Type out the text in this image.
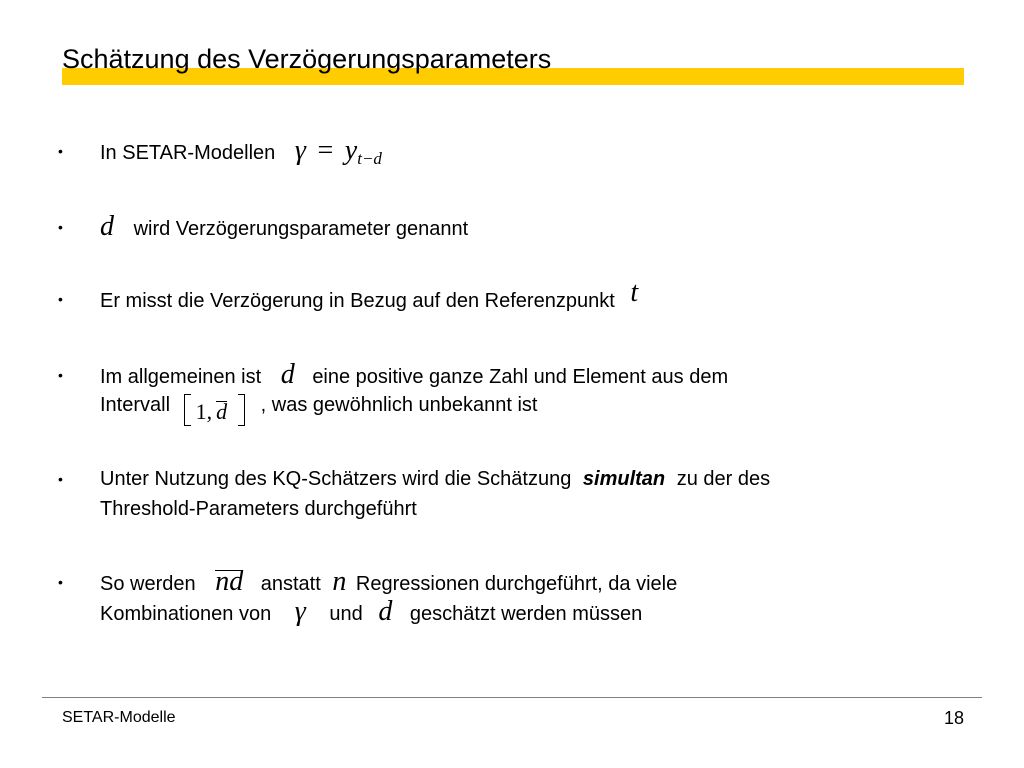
Schätzung des Verzögerungsparameters
• In SETAR-Modellen $\gamma = y_{t-d}$
• d wird Verzögerungsparameter genannt
• Er misst die Verzögerung in Bezug auf den Referenzpunkt t
• Im allgemeinen ist d eine positive ganze Zahl und Element aus dem
Intervall 1, d , was gewöhnlich unbekannt ist
• Unter Nutzung des KQ-Schätzers wird die Schätzung simultan zu der des
Threshold-Parameters durchgeführt
• So werden nd anstatt n Regressionen durchgeführt, da viele
Kombinationen von γ und d geschätzt werden müssen
SETAR-Modelle	18
